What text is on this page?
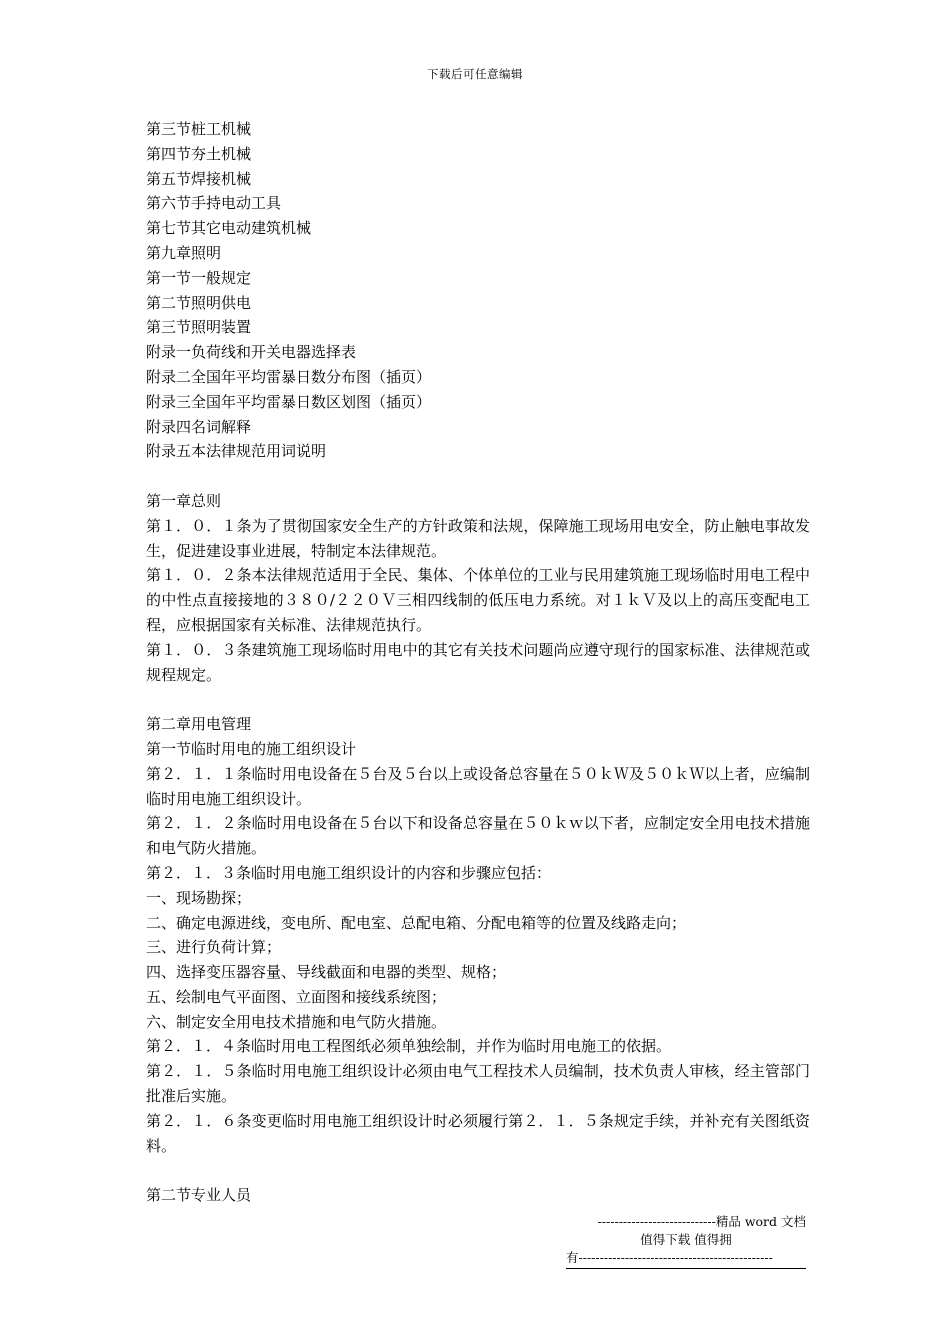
下载后可任意编辑
第三节桩工机械
第四节夯土机械
第五节焊接机械
第六节手持电动工具
第七节其它电动建筑机械
第九章照明
第一节一般规定
第二节照明供电
第三节照明装置
附录一负荷线和开关电器选择表
附录二全国年平均雷暴日数分布图（插页）
附录三全国年平均雷暴日数区划图（插页）
附录四名词解释
附录五本法律规范用词说明
第一章总则
第１．０．１条为了贯彻国家安全生产的方针政策和法规，保障施工现场用电安全，防止触电事故发生，促进建设事业进展，特制定本法律规范。
第１．０．２条本法律规范适用于全民、集体、个体单位的工业与民用建筑施工现场临时用电工程中的中性点直接接地的３８０/２２０Ｖ三相四线制的低压电力系统。对１ｋＶ及以上的高压变配电工程，应根据国家有关标准、法律规范执行。
第１．０．３条建筑施工现场临时用电中的其它有关技术问题尚应遵守现行的国家标准、法律规范或规程规定。
第二章用电管理
第一节临时用电的施工组织设计
第２．１．１条临时用电设备在５台及５台以上或设备总容量在５０ｋＷ及５０ｋＷ以上者，应编制临时用电施工组织设计。
第２．１．２条临时用电设备在５台以下和设备总容量在５０ｋｗ以下者，应制定安全用电技术措施和电气防火措施。
第２．１．３条临时用电施工组织设计的内容和步骤应包括：
一、现场勘探；
二、确定电源进线，变电所、配电室、总配电箱、分配电箱等的位置及线路走向；
三、进行负荷计算；
四、选择变压器容量、导线截面和电器的类型、规格；
五、绘制电气平面图、立面图和接线系统图；
六、制定安全用电技术措施和电气防火措施。
第２．１．４条临时用电工程图纸必须单独绘制，并作为临时用电施工的依据。
第２．１．５条临时用电施工组织设计必须由电气工程技术人员编制，技术负责人审核，经主管部门批准后实施。
第２．１．６条变更临时用电施工组织设计时必须履行第２．１．５条规定手续，并补充有关图纸资料。
第二节专业人员
----------------------------精品 word 文档
值得下载 值得拥
有----------------------------------------------
